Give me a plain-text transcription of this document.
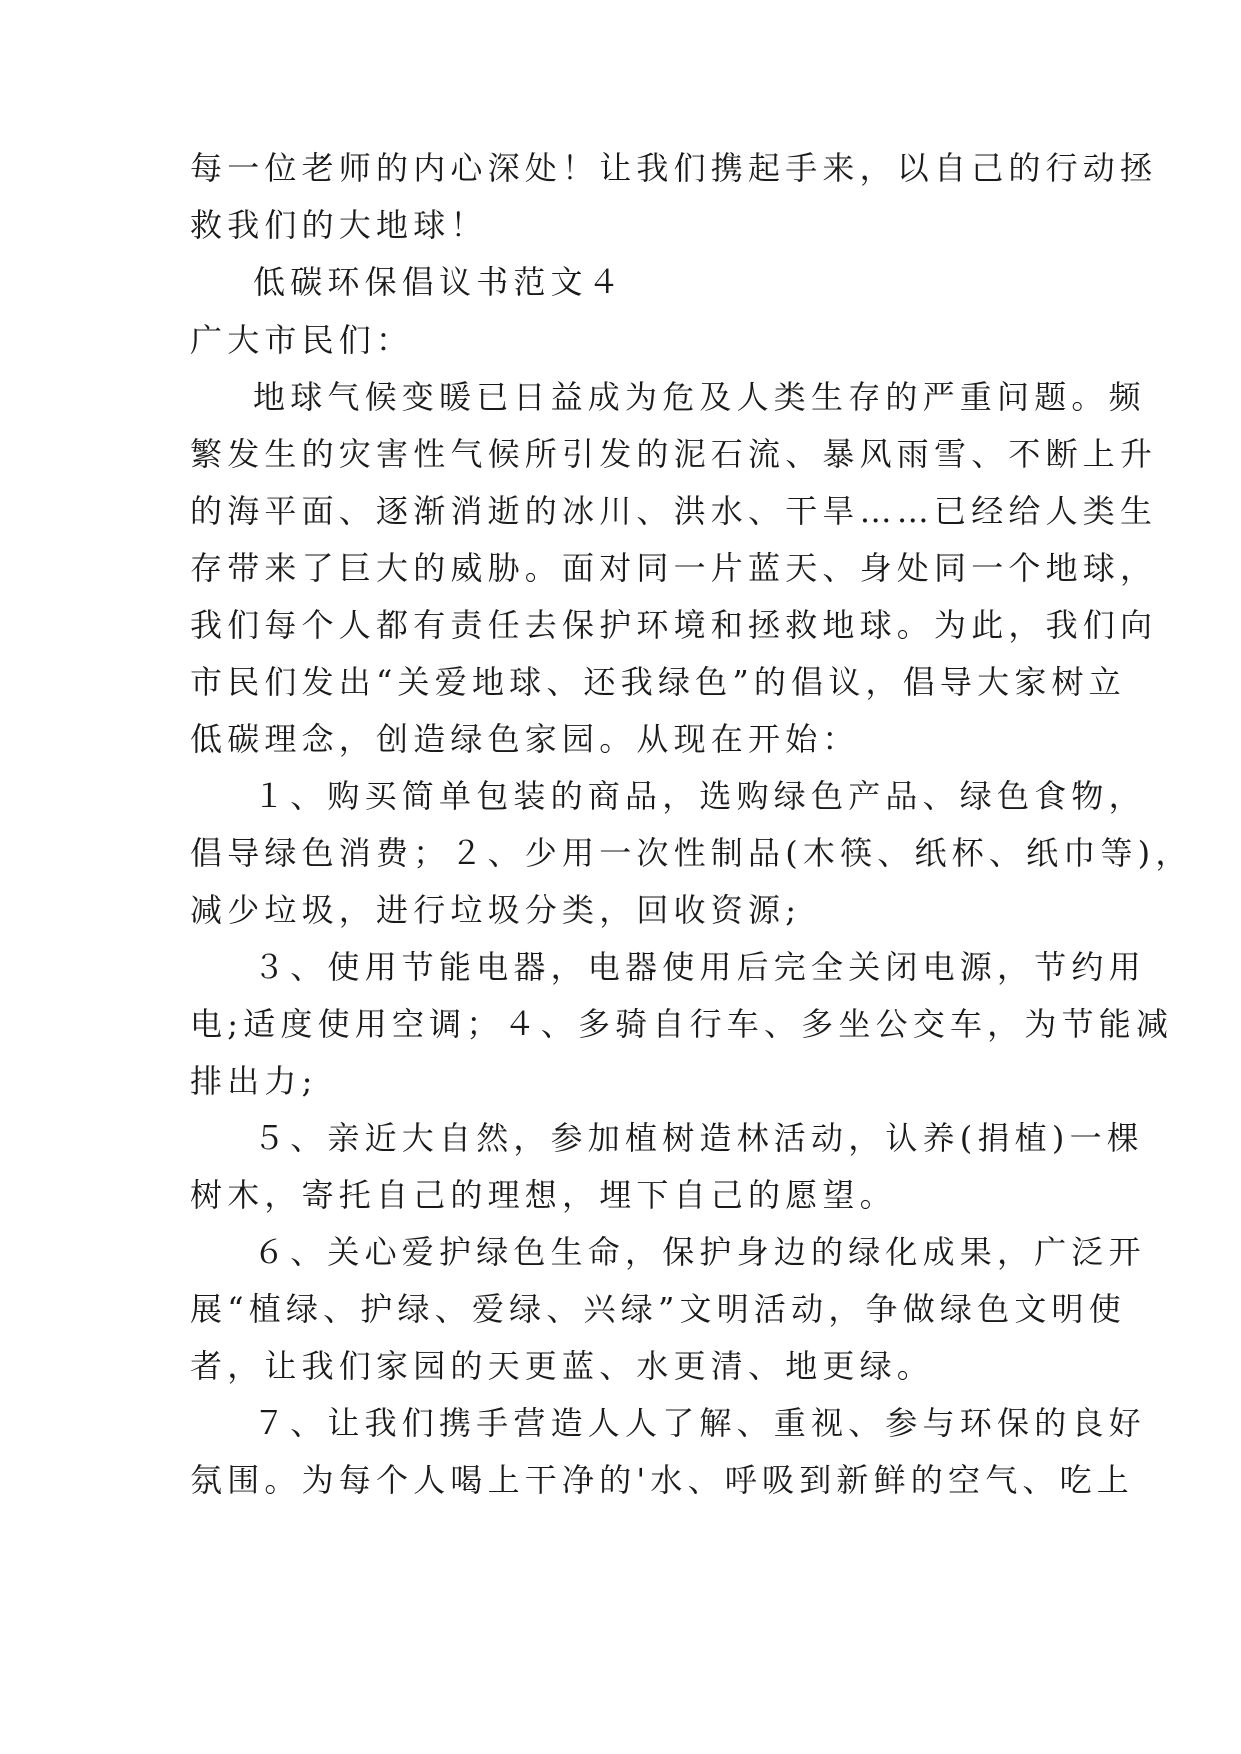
每一位老师的内心深处！让我们携起手来，以自己的行动拯
救我们的大地球！
低碳环保倡议书范文４
广大市民们：
地球气候变暖已日益成为危及人类生存的严重问题。频
繁发生的灾害性气候所引发的泥石流、暴风雨雪、不断上升
的海平面、逐渐消逝的冰川、洪水、干旱……已经给人类生
存带来了巨大的威胁。面对同一片蓝天、身处同一个地球，
我们每个人都有责任去保护环境和拯救地球。为此，我们向
市民们发出“关爱地球、还我绿色”的倡议，倡导大家树立
低碳理念，创造绿色家园。从现在开始：
１、购买简单包装的商品，选购绿色产品、绿色食物，
倡导绿色消费；２、少用一次性制品(木筷、纸杯、纸巾等)，
减少垃圾，进行垃圾分类，回收资源;
３、使用节能电器，电器使用后完全关闭电源，节约用
电;适度使用空调；４、多骑自行车、多坐公交车，为节能减
排出力;
５、亲近大自然，参加植树造林活动，认养(捐植)一棵
树木，寄托自己的理想，埋下自己的愿望。
６、关心爱护绿色生命，保护身边的绿化成果，广泛开
展“植绿、护绿、爱绿、兴绿”文明活动，争做绿色文明使
者，让我们家园的天更蓝、水更清、地更绿。
７、让我们携手营造人人了解、重视、参与环保的良好
氛围。为每个人喝上干净的'水、呼吸到新鲜的空气、吃上
